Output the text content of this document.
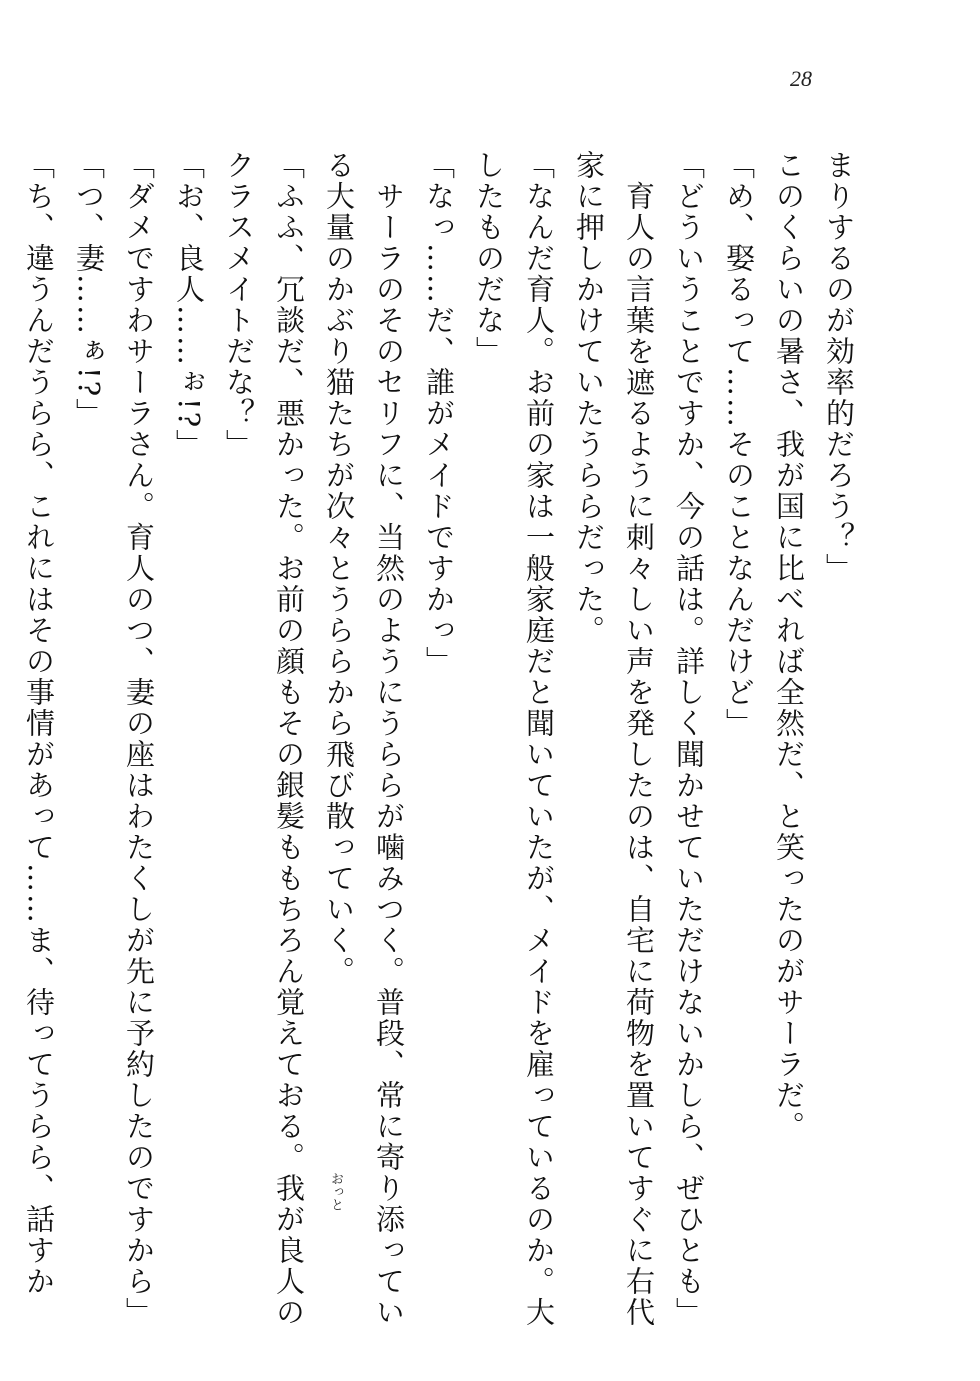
28
まりするのが効率的だろう？」
このくらいの暑さ、我が国に比べれば全然だ、と笑ったのがサーラだ。
「め、娶るって……そのことなんだけど」
「どういうことですか、今の話は。詳しく聞かせていただけないかしら、ぜひとも」
　育人の言葉を遮るように刺々しい声を発したのは、自宅に荷物を置いてすぐに右代
家に押しかけていたうららだった。
「なんだ育人。お前の家は一般家庭だと聞いていたが、メイドを雇っているのか。大
したものだな」
「なっ……だ、誰がメイドですかっ」
　サーラのそのセリフに、当然のようにうららが噛みつく。普段、常に寄り添ってい
る大量のかぶり猫たちが次々とうららから飛び散っていく。
「ふふ、冗談だ、悪かった。お前の顔もその銀髪ももちろん覚えておる。我が良人の
クラスメイトだな？」
「お、良人……ぉ!?」
「ダメですわサーラさん。育人のつ、妻の座はわたくしが先に予約したのですから」
「つ、妻……ぁ!?」
「ち、違うんだうらら、これにはその事情があって……ま、待ってうらら、話すか	おっと
